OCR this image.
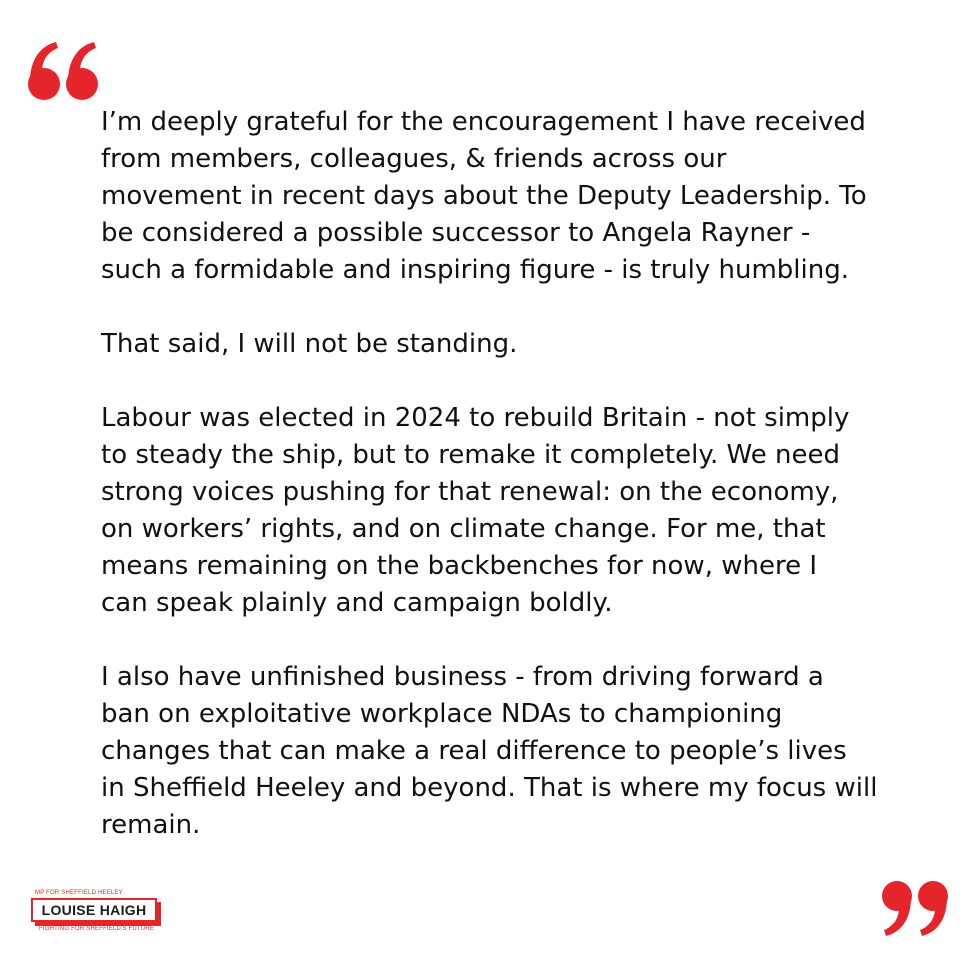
I’m deeply grateful for the encouragement I have received
from members, colleagues, & friends across our
movement in recent days about the Deputy Leadership. To
be considered a possible successor to Angela Rayner -
such a formidable and inspiring figure - is truly humbling.

That said, I will not be standing.

Labour was elected in 2024 to rebuild Britain - not simply
to steady the ship, but to remake it completely. We need
strong voices pushing for that renewal: on the economy,
on workers’ rights, and on climate change. For me, that
means remaining on the backbenches for now, where I
can speak plainly and campaign boldly.

I also have unfinished business - from driving forward a
ban on exploitative workplace NDAs to championing
changes that can make a real difference to people’s lives
in Sheffield Heeley and beyond. That is where my focus will
remain.

MP FOR SHEFFIELD HEELEY
LOUISE HAIGH
FIGHTING FOR SHEFFIELD'S FUTURE
